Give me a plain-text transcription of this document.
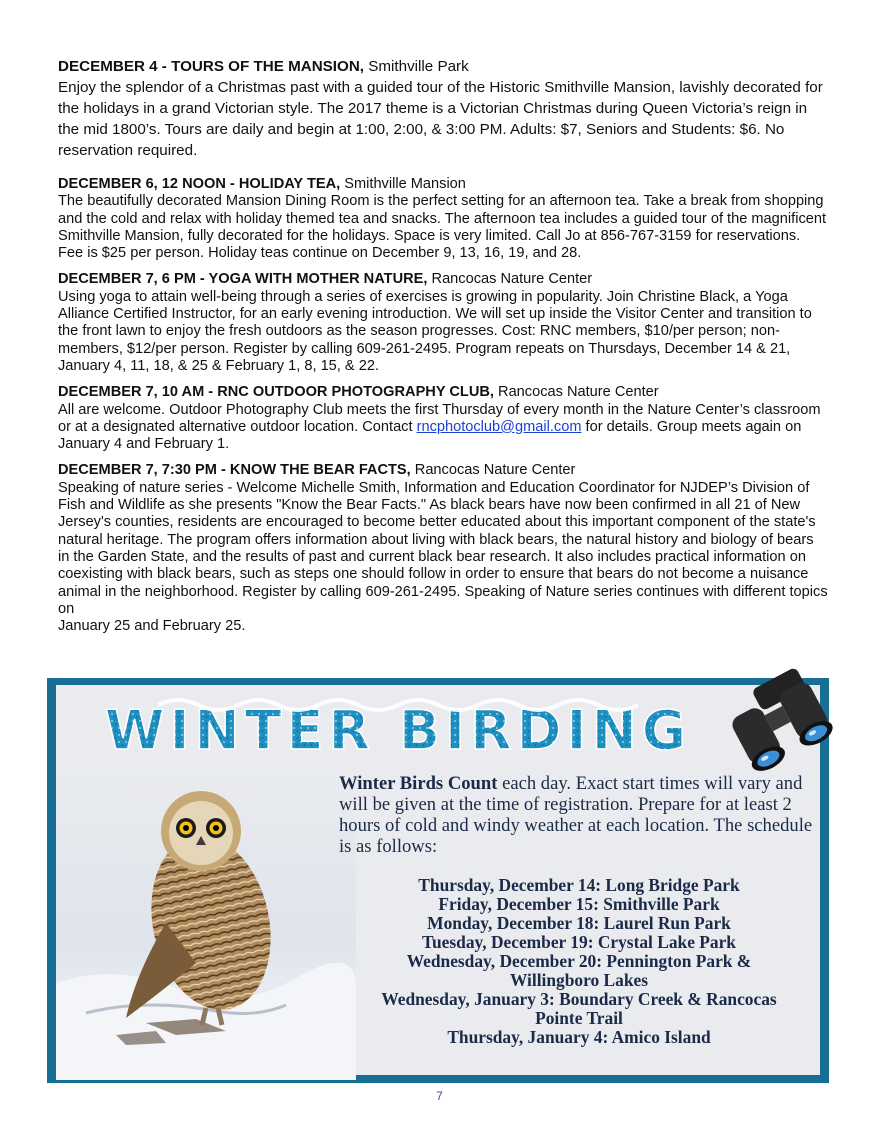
DECEMBER 4 - TOURS OF THE MANSION, Smithville Park
Enjoy the splendor of a Christmas past with a guided tour of the Historic Smithville Mansion, lavishly decorated for the holidays in a grand Victorian style. The 2017 theme is a Victorian Christmas during Queen Victoria’s reign in the mid 1800’s. Tours are daily and begin at 1:00, 2:00, & 3:00 PM. Adults: $7, Seniors and Students: $6. No reservation required.
DECEMBER 6, 12 NOON - HOLIDAY TEA, Smithville Mansion
The beautifully decorated Mansion Dining Room is the perfect setting for an afternoon tea. Take a break from shopping and the cold and relax with holiday themed tea and snacks. The afternoon tea includes a guided tour of the magnificent Smithville Mansion, fully decorated for the holidays. Space is very limited. Call Jo at 856-767-3159 for reservations. Fee is $25 per person. Holiday teas continue on December 9, 13, 16, 19, and 28.
DECEMBER 7, 6 PM - YOGA WITH MOTHER NATURE, Rancocas Nature Center
Using yoga to attain well-being through a series of exercises is growing in popularity. Join Christine Black, a Yoga Alliance Certified Instructor, for an early evening introduction. We will set up inside the Visitor Center and transition to the front lawn to enjoy the fresh outdoors as the season progresses. Cost: RNC members, $10/per person; non-members, $12/per person. Register by calling 609-261-2495. Program repeats on Thursdays, December 14 & 21, January 4, 11, 18, & 25 & February 1, 8, 15, & 22.
DECEMBER 7, 10 AM - RNC OUTDOOR PHOTOGRAPHY CLUB, Rancocas Nature Center
All are welcome. Outdoor Photography Club meets the first Thursday of every month in the Nature Center’s classroom or at a designated alternative outdoor location. Contact rncphotoclub@gmail.com for details. Group meets again on January 4 and February 1.
DECEMBER 7, 7:30 PM - KNOW THE BEAR FACTS, Rancocas Nature Center
Speaking of nature series - Welcome Michelle Smith, Information and Education Coordinator for NJDEP’s Division of Fish and Wildlife as she presents "Know the Bear Facts." As black bears have now been confirmed in all 21 of New Jersey's counties, residents are encouraged to become better educated about this important component of the state's natural heritage. The program offers information about living with black bears, the natural history and biology of bears in the Garden State, and the results of past and current black bear research. It also includes practical information on coexisting with black bears, such as steps one should follow in order to ensure that bears do not become a nuisance animal in the neighborhood. Register by calling 609-261-2495. Speaking of Nature series continues with different topics on
January 25 and February 25.
WINTER BIRDING
Winter Birds Count each day. Exact start times will vary and will be given at the time of registration. Prepare for at least 2 hours of cold and windy weather at each location. The schedule is as follows:
Thursday, December 14: Long Bridge Park
Friday, December 15: Smithville Park
Monday, December 18: Laurel Run Park
Tuesday, December 19: Crystal Lake Park
Wednesday, December 20: Pennington Park &
Willingboro Lakes
Wednesday, January 3: Boundary Creek & Rancocas
Pointe Trail
Thursday, January 4: Amico Island
7
